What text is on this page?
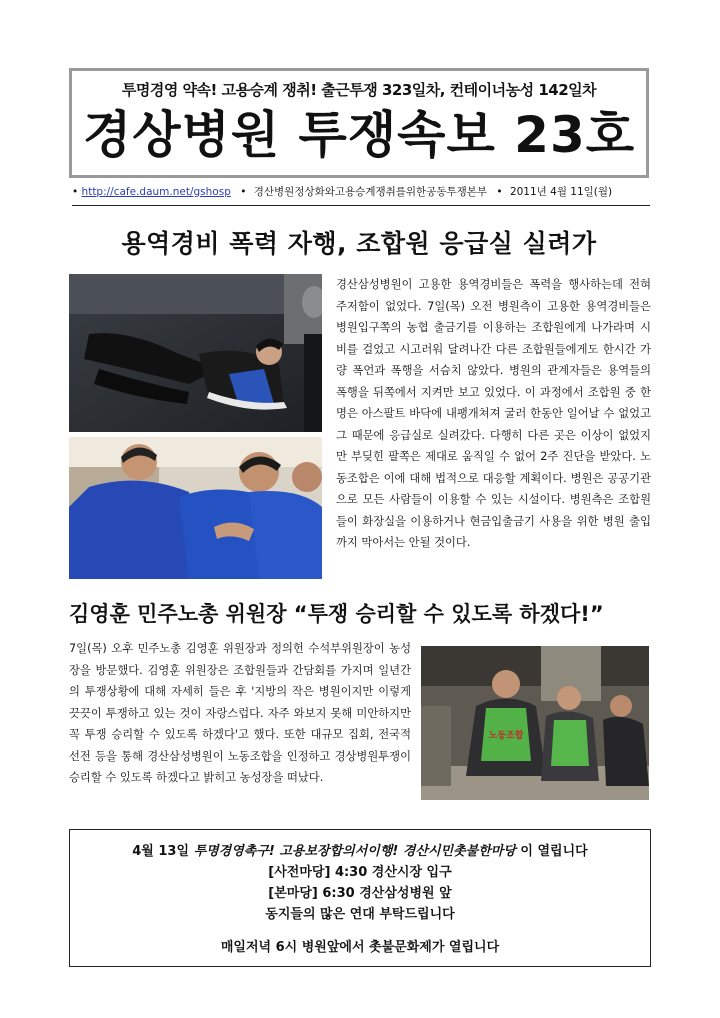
투명경영 약속! 고용승계 쟁취! 출근투쟁 323일차, 컨테이너농성 142일차
경상병원 투쟁속보 23호
• http://cafe.daum.net/gshosp • 경산병원정상화와고용승계쟁취를위한공동투쟁본부 • 2011년 4월 11일(월)
용역경비 폭력 자행, 조합원 응급실 실려가
경산삼성병원이 고용한 용역경비들은 폭력을 행사하는데 전혀 주저함이 없었다. 7일(목) 오전 병원측이 고용한 용역경비들은 병원입구쪽의 농협 출금기를 이용하는 조합원에게 나가라며 시비를 걸었고 시고러워 달려나간 다른 조합원들에게도 한시간 가량 폭언과 폭행을 서슴치 않았다. 병원의 관계자들은 용역들의 폭행을 뒤쪽에서 지켜만 보고 있었다. 이 과정에서 조합원 중 한명은 아스팔트 바닥에 내팽개쳐져 굴러 한동안 일어날 수 없었고 그 때문에 응급실로 실려갔다. 다행히 다른 곳은 이상이 없었지만 부딪힌 팔쪽은 제대로 움직일 수 없어 2주 진단을 받았다. 노동조합은 이에 대해 법적으로 대응할 계획이다. 병원은 공공기관으로 모든 사람들이 이용할 수 있는 시설이다. 병원측은 조합원들이 화장실을 이용하거나 현금입출금기 사용을 위한 병원 출입까지 막아서는 안될 것이다.
김영훈 민주노총 위원장 “투쟁 승리할 수 있도록 하겠다!”
7일(목) 오후 민주노총 김영훈 위원장과 정의헌 수석부위원장이 농성장을 방문했다. 김영훈 위원장은 조합원들과 간담회를 가지며 일년간의 투쟁상황에 대해 자세히 들은 후 '지방의 작은 병원이지만 이렇게 끗끗이 투쟁하고 있는 것이 자랑스럽다. 자주 와보지 못해 미안하지만 꼭 투쟁 승리할 수 있도록 하겠다'고 했다. 또한 대규모 집회, 전국적 선전 등을 통해 경산삼성병원이 노동조합을 인정하고 경상병원투쟁이 승리할 수 있도록 하겠다고 밝히고 농성장을 떠났다.
노동조합
4월 13일 투명경영촉구! 고용보장합의서이행! 경산시민촛불한마당 이 열립니다
[사전마당] 4:30 경산시장 입구
[본마당] 6:30 경산삼성병원 앞
동지들의 많은 연대 부탁드립니다
매일저녁 6시 병원앞에서 촛불문화제가 열립니다
